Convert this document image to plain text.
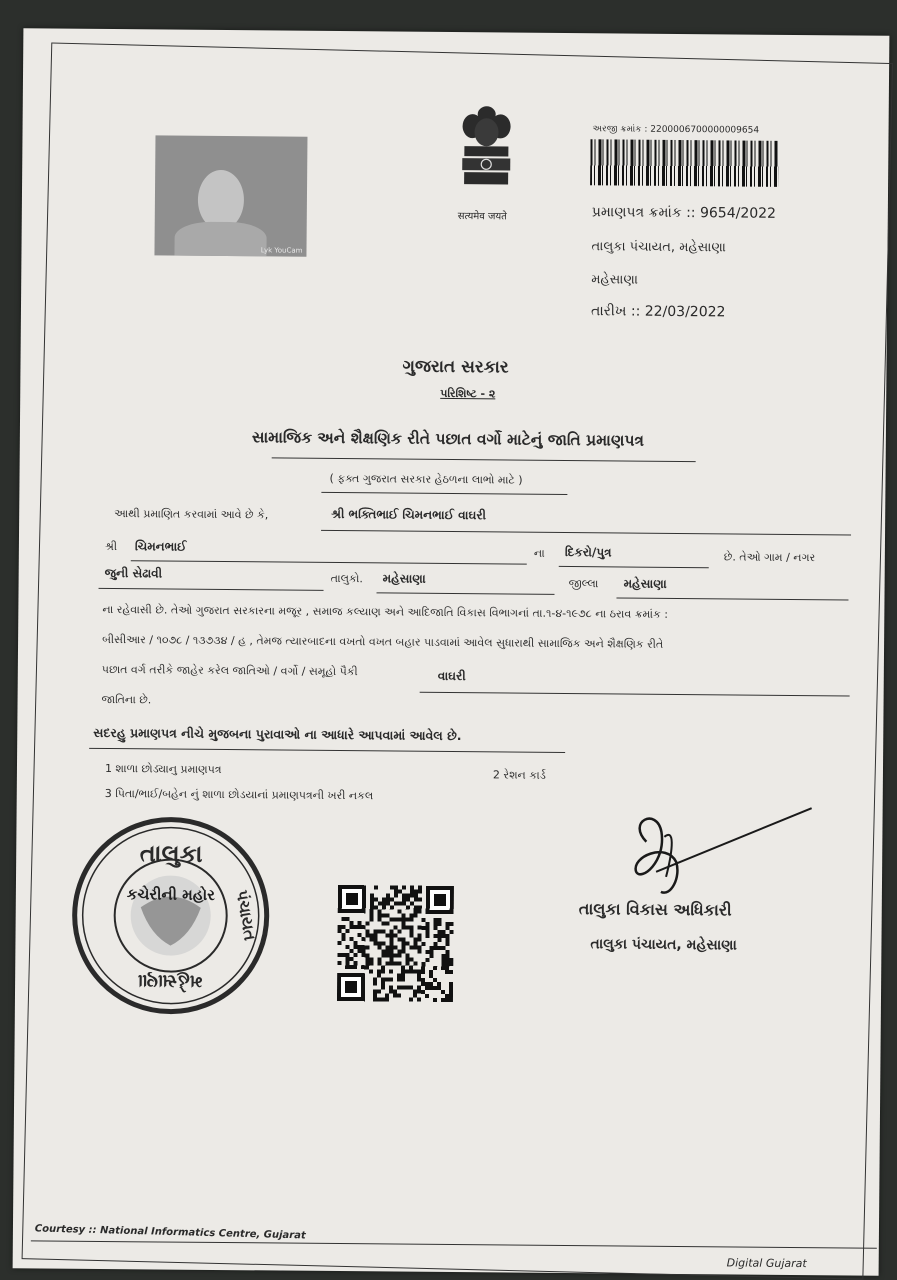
Lyk YouCam
सत्यमेव जयते
અરજી ક્રમાંક : 2200006700000009654
પ્રમાણપત્ર ક્રમાંક :: 9654/2022
તાલુકા પંચાયત, મહેસાણા
મહેસાણા
તારીખ :: 22/03/2022
ગુજરાત સરકાર
પરિશિષ્ટ - ૨
સામાજિક અને શૈક્ષણિક રીતે પછાત વર્ગો માટેનું જાતિ પ્રમાણપત્ર
( ફક્ત ગુજરાત સરકાર હેઠળના લાભો માટે )
આથી પ્રમાણિત કરવામાં આવે છે કે,	શ્રી ભક્તિભાઈ ચિમનભાઈ વાઘરી
શ્રી ચિમનભાઈ	ના દિકરો/પુત્ર	છે. તેઓ ગામ / નગર
જુની સેઢાવી	તાલુકો. મહેસાણા	જીલ્લા મહેસાણા
ના રહેવાસી છે. તેઓ ગુજરાત સરકારના મજૂર , સમાજ કલ્યાણ અને આદિજાતિ વિકાસ વિભાગનાં તા.૧-૪-૧૯૭૮ ના ઠરાવ ક્રમાંક :
બીસીઆર / ૧૦૭૮ / ૧૩૭૩૪ / હ , તેમજ ત્યારબાદના વખતો વખત બહાર પાડવામાં આવેલ સુધારાથી સામાજિક અને શૈક્ષણિક રીતે
પછાત વર્ગ તરીકે જાહેર કરેલ જાતિઓ / વર્ગો / સમૂહો પૈકી	વાઘરી
જાતિના છે.
સદરહુ પ્રમાણપત્ર નીચે મુજબના પુરાવાઓ ના આધારે આપવામાં આવેલ છે.
1 શાળા છોડ્યાનુ પ્રમાણપત્ર	2 રેશન કાર્ડ
3 પિતા/ભાઈ/બહેન નું શાળા છોડયાનાં પ્રમાણપત્રની ખરી નકલ
તાલુકા
પંચાયત
મહેસાણા
કચેરીની મહોર
તાલુકા વિકાસ અધિકારી
તાલુકા પંચાયત, મહેસાણા
Courtesy :: National Informatics Centre, Gujarat
Digital Gujarat
